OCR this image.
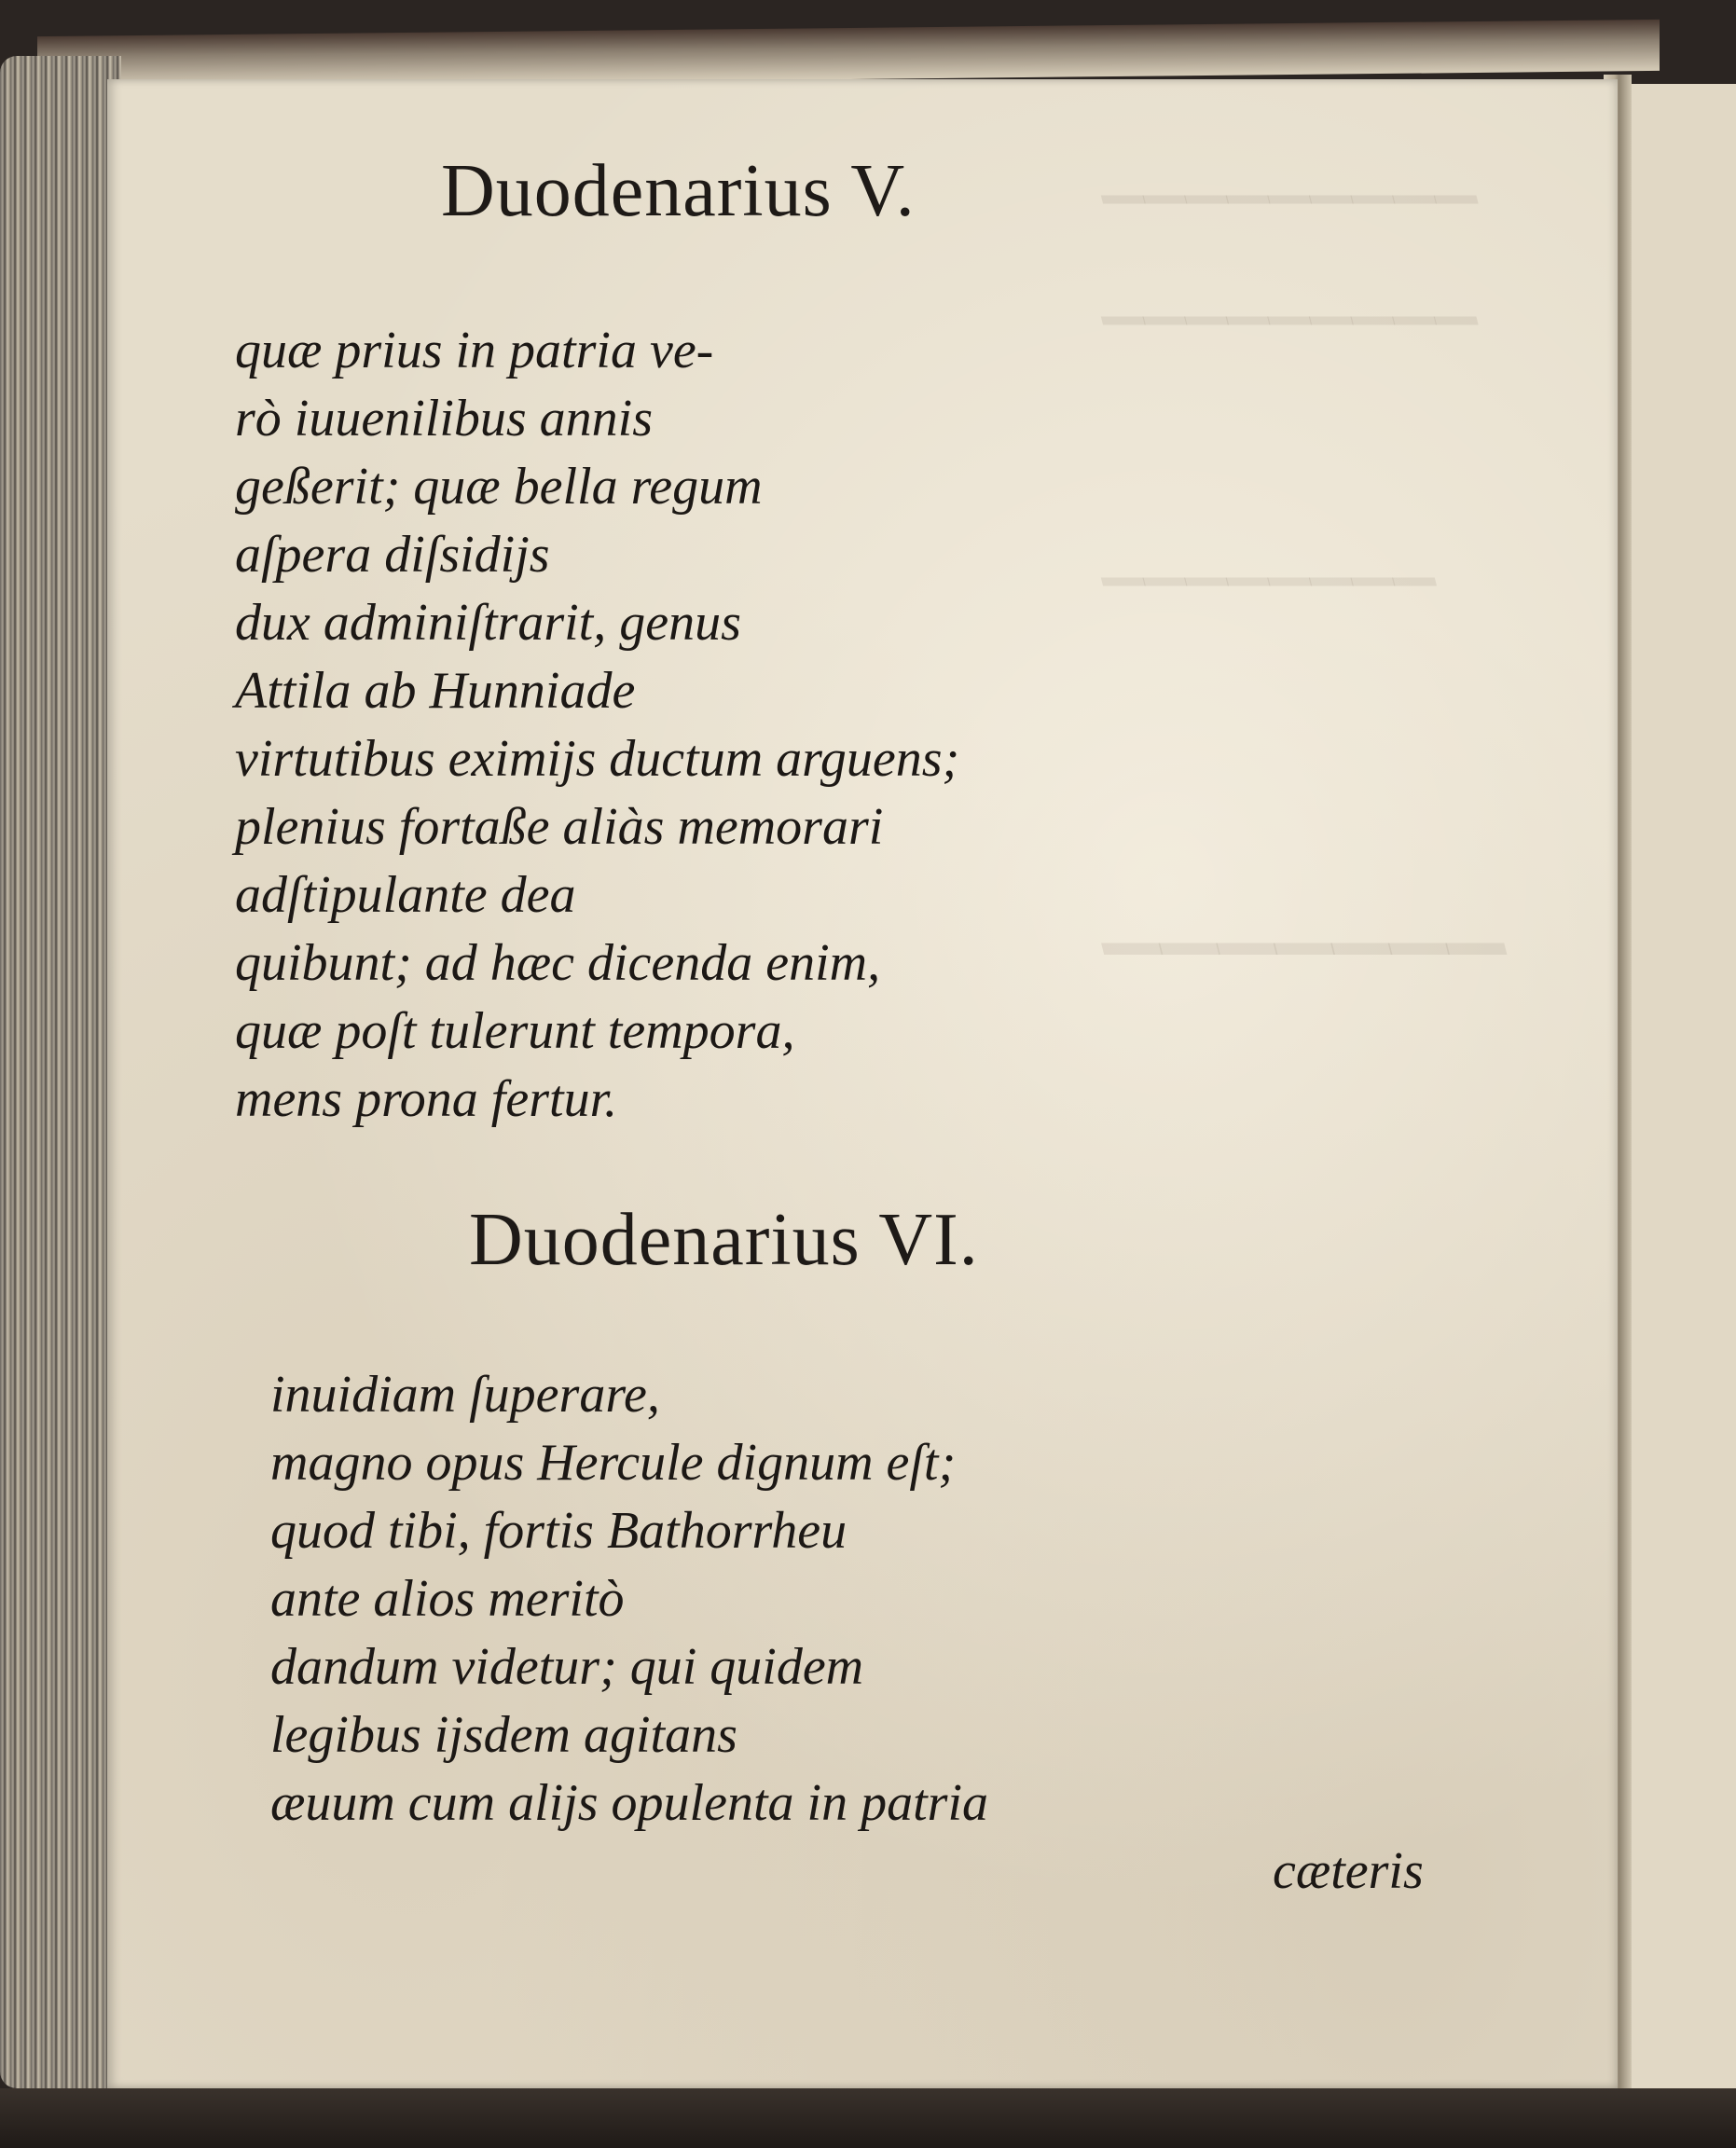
▁▁▁▁▁▁▁▁▁
▁▁▁▁▁▁▁▁▁
▁▁▁▁▁▁▁▁
▁▁▁▁▁▁▁
Duodenarius V.
quæ prius in patria ve-
rò iuuenilibus annis
geßerit; quæ bella regum
aſpera diſsidijs
dux adminiſtrarit, genus
Attila ab Hunniade
virtutibus eximijs ductum arguens;
plenius fortaße aliàs memorari
adſtipulante dea
quibunt; ad hæc dicenda enim,
quæ poſt tulerunt tempora,
mens prona fertur.
Duodenarius VI.
inuidiam ſuperare,
magno opus Hercule dignum eſt;
quod tibi, fortis Bathorrheu
ante alios meritò
dandum videtur; qui quidem
legibus ijsdem agitans
æuum cum alijs opulenta in patria
cæteris
